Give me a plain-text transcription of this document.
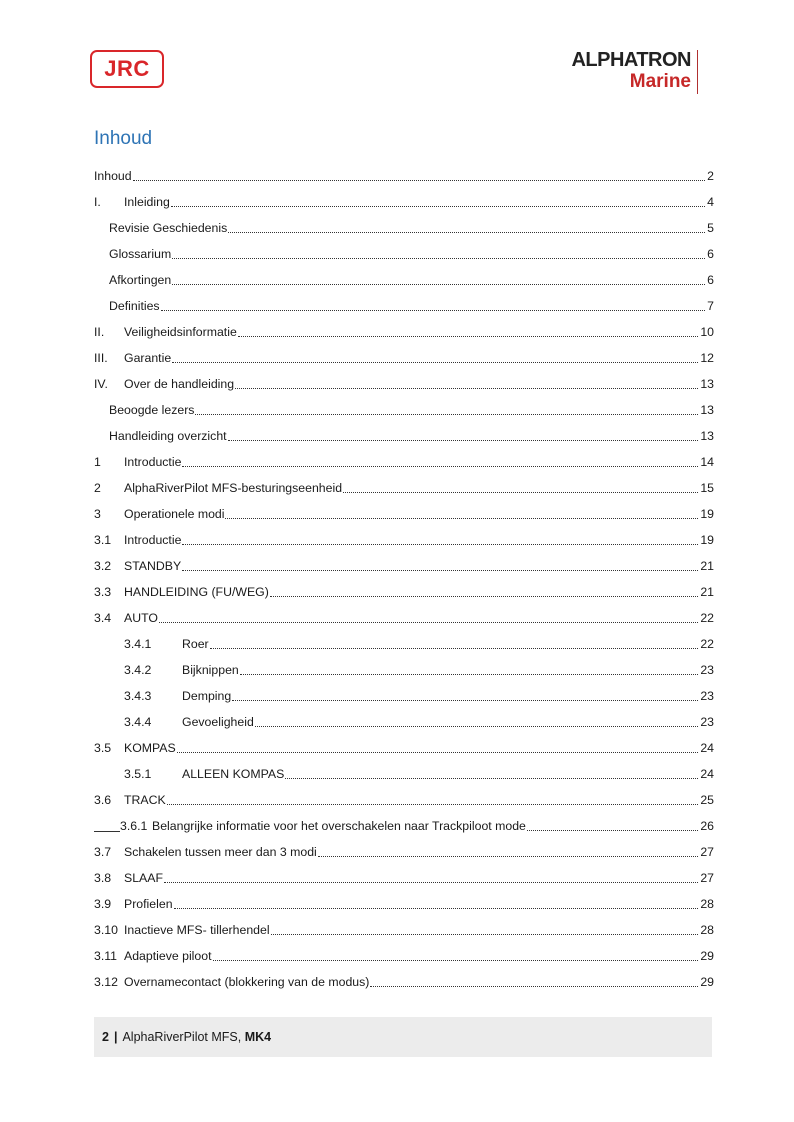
JRC	ALPHATRON
Marine
Inhoud
Inhoud	2
I.	Inleiding	4
Revisie Geschiedenis	5
Glossarium	6
Afkortingen	6
Definities	7
II.	Veiligheidsinformatie	10
III.	Garantie	12
IV.	Over de handleiding	13
Beoogde lezers	13
Handleiding overzicht	13
1	Introductie	14
2	AlphaRiverPilot MFS-besturingseenheid	15
3	Operationele modi	19
3.1	Introductie	19
3.2	STANDBY	21
3.3	HANDLEIDING (FU/WEG)	21
3.4	AUTO	22
3.4.1	Roer	22
3.4.2	Bijknippen	23
3.4.3	Demping	23
3.4.4	Gevoeligheid	23
3.5	KOMPAS	24
3.5.1	ALLEEN KOMPAS	24
3.6	TRACK	25
3.6.1 Belangrijke informatie voor het overschakelen naar Trackpiloot mode	26
3.7	Schakelen tussen meer dan 3 modi	27
3.8	SLAAF	27
3.9	Profielen	28
3.10 Inactieve MFS- tillerhendel	28
3.11 Adaptieve piloot	29
3.12 Overnamecontact (blokkering van de modus)	29
2 | AlphaRiverPilot MFS,
MK4
